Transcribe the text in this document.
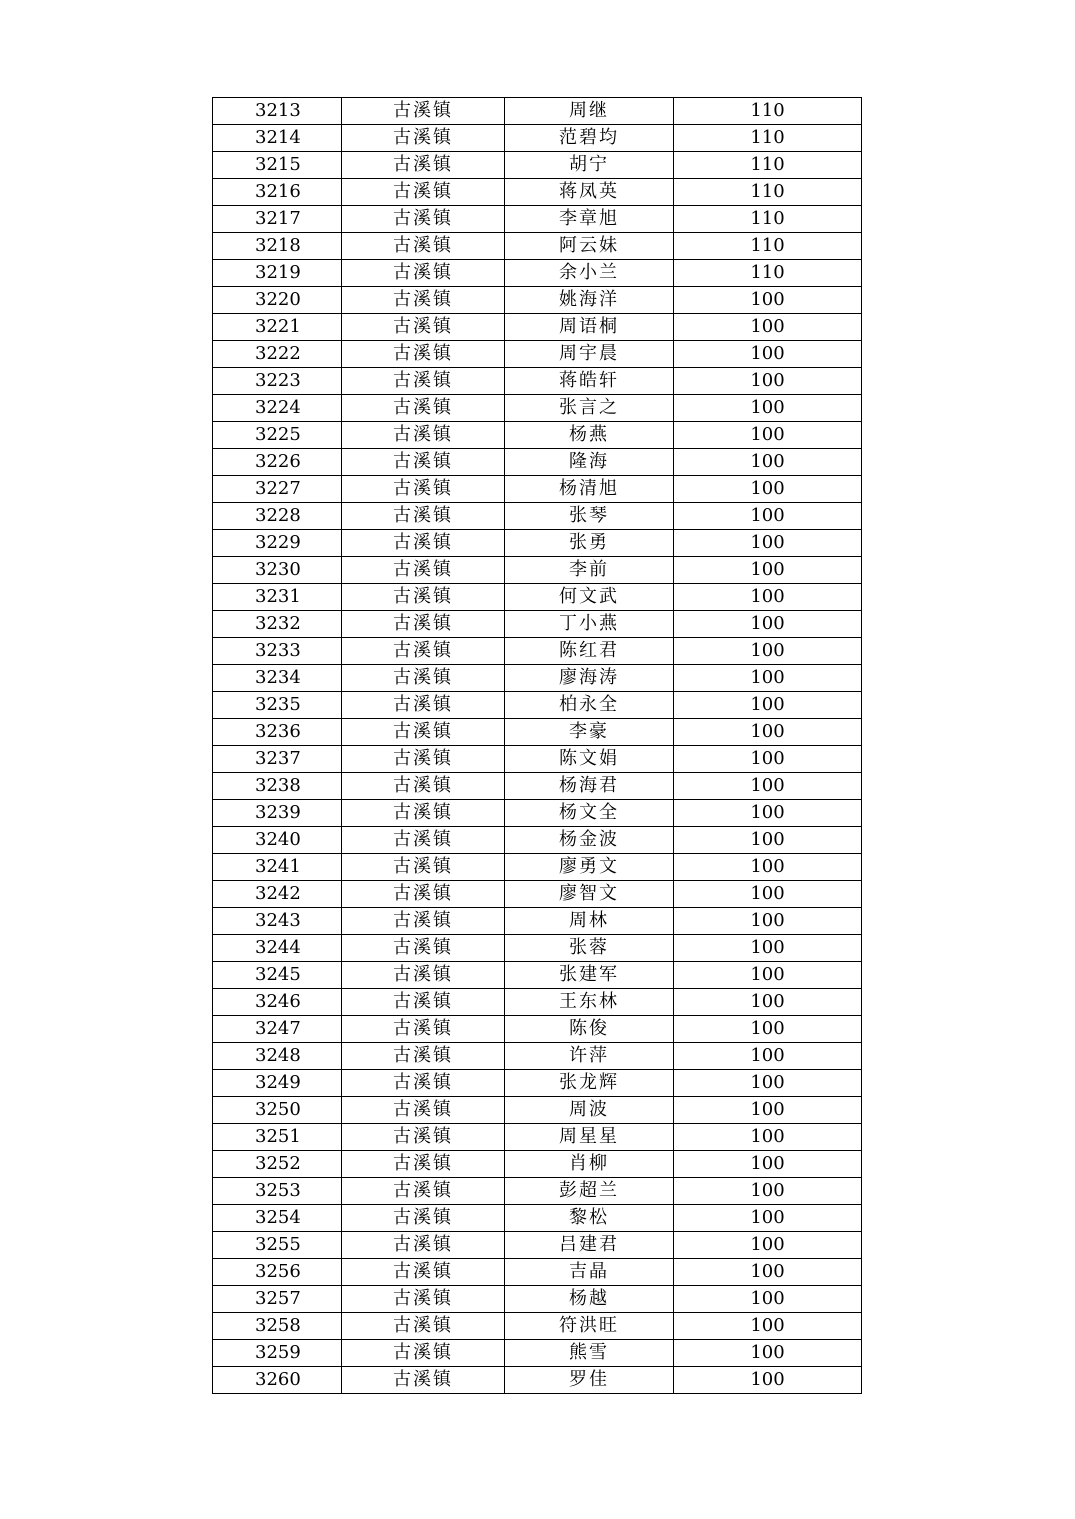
3213	古溪镇	周继	110
3214	古溪镇	范碧均	110
3215	古溪镇	胡宁	110
3216	古溪镇	蒋凤英	110
3217	古溪镇	李章旭	110
3218	古溪镇	阿云妹	110
3219	古溪镇	余小兰	110
3220	古溪镇	姚海洋	100
3221	古溪镇	周语桐	100
3222	古溪镇	周宇晨	100
3223	古溪镇	蒋皓轩	100
3224	古溪镇	张言之	100
3225	古溪镇	杨燕	100
3226	古溪镇	隆海	100
3227	古溪镇	杨清旭	100
3228	古溪镇	张琴	100
3229	古溪镇	张勇	100
3230	古溪镇	李前	100
3231	古溪镇	何文武	100
3232	古溪镇	丁小燕	100
3233	古溪镇	陈红君	100
3234	古溪镇	廖海涛	100
3235	古溪镇	柏永全	100
3236	古溪镇	李豪	100
3237	古溪镇	陈文娟	100
3238	古溪镇	杨海君	100
3239	古溪镇	杨文全	100
3240	古溪镇	杨金波	100
3241	古溪镇	廖勇文	100
3242	古溪镇	廖智文	100
3243	古溪镇	周林	100
3244	古溪镇	张蓉	100
3245	古溪镇	张建军	100
3246	古溪镇	王东林	100
3247	古溪镇	陈俊	100
3248	古溪镇	许萍	100
3249	古溪镇	张龙辉	100
3250	古溪镇	周波	100
3251	古溪镇	周星星	100
3252	古溪镇	肖柳	100
3253	古溪镇	彭超兰	100
3254	古溪镇	黎松	100
3255	古溪镇	吕建君	100
3256	古溪镇	吉晶	100
3257	古溪镇	杨越	100
3258	古溪镇	符洪旺	100
3259	古溪镇	熊雪	100
3260	古溪镇	罗佳	100
